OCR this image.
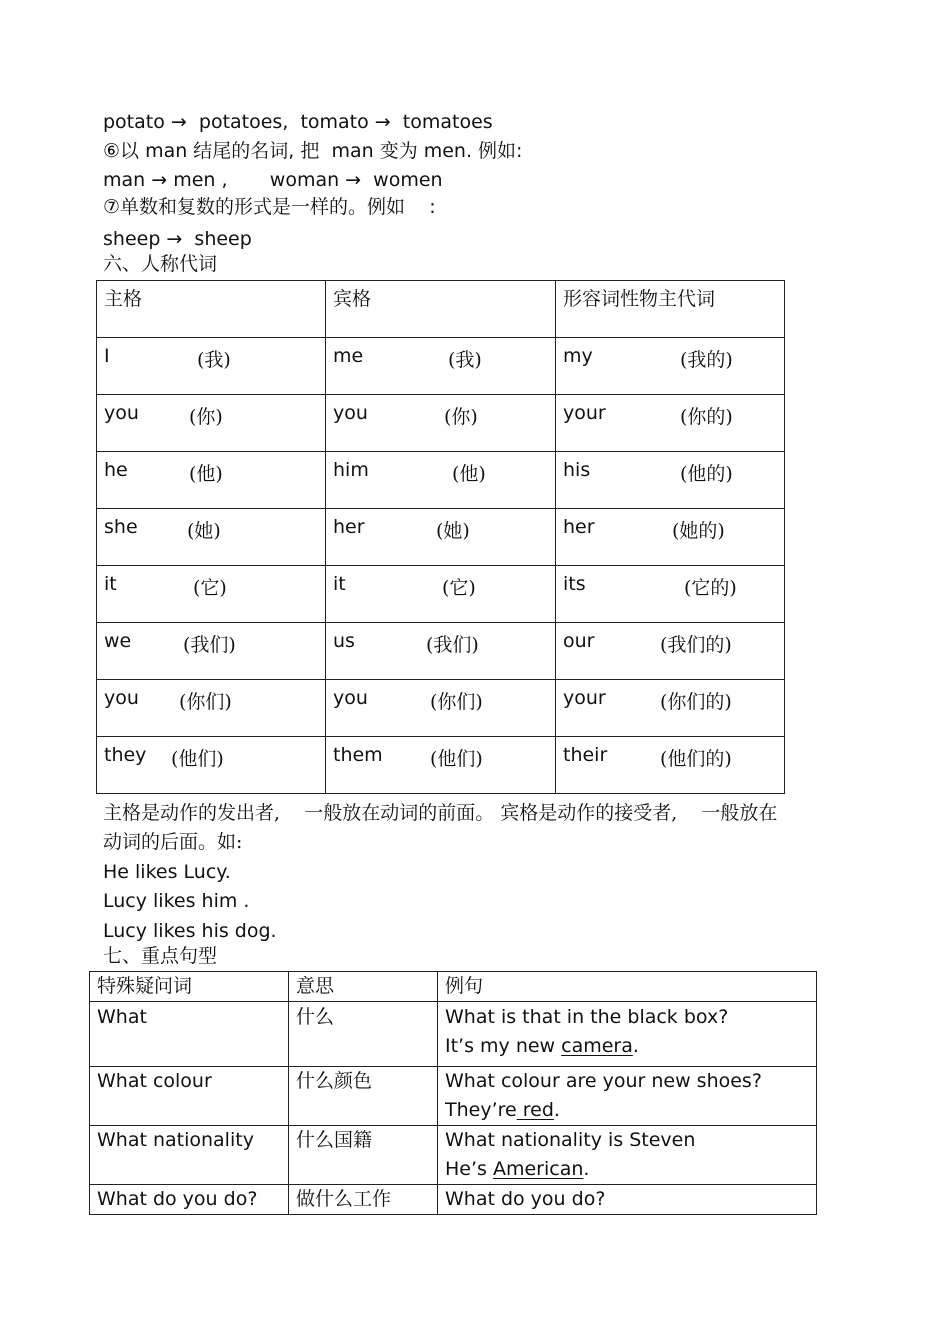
potato →  potatoes,  tomato →  tomatoes
⑥以 man 结尾的名词, 把  man 变为 men. 例如:
man → men ,       woman →  women
⑦单数和复数的形式是一样的。例如    :
sheep →  sheep
六、人称代词
主格	宾格	形容词性物主代词

I (我)	me (我)	my (我的)

you (你)	you (你)	your (你的)

he (他)	him (他)	his (他的)

she (她)	her (她)	her (她的)

it (它)	it (它)	its (它的)

we (我们)	us (我们)	our (我们的)

you (你们)	you (你们)	your (你们的)

they (他们)	them (他们)	their (他们的)
主格是动作的发出者,    一般放在动词的前面。 宾格是动作的接受者,    一般放在
动词的后面。如:
He likes Lucy.
Lucy likes him .
Lucy likes his dog.
七、重点句型
特殊疑问词	意思	例句
What	什么	What is that in the black box?
It’s my new camera.

What colour	什么颜色	What colour are your new shoes?
They’re red.

What nationality	什么国籍	What nationality is Steven
He’s American.

What do you do?	做什么工作	What do you do?
